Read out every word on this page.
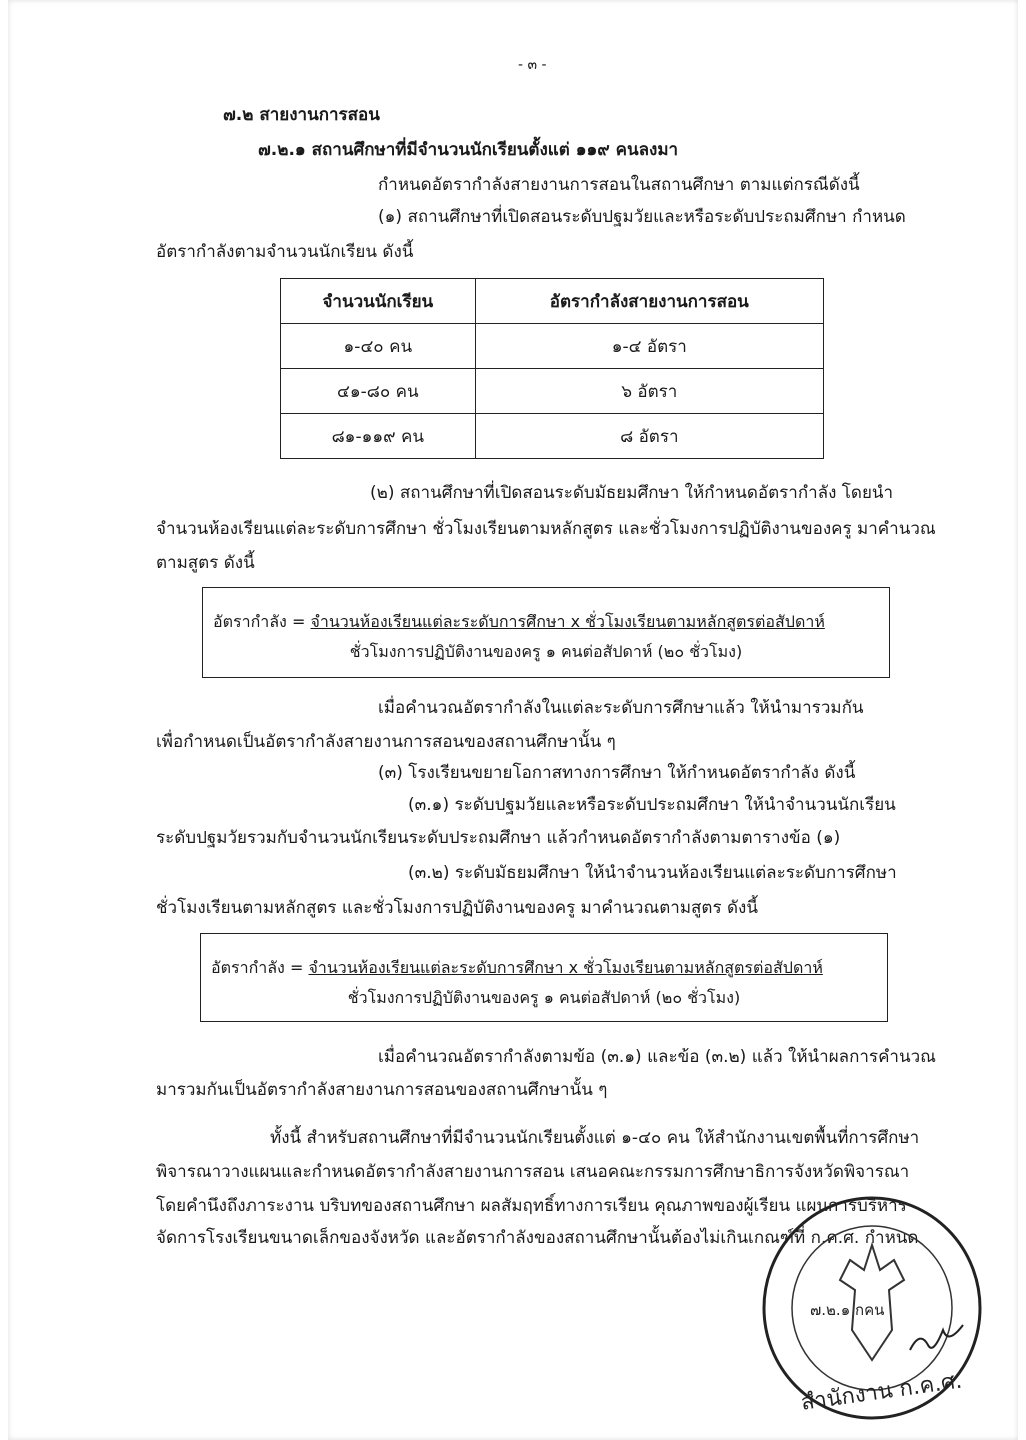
- ๓ -
๗.๒ สายงานการสอน
๗.๒.๑ สถานศึกษาที่มีจำนวนนักเรียนตั้งแต่ ๑๑๙ คนลงมา
กำหนดอัตรากำลังสายงานการสอนในสถานศึกษา ตามแต่กรณีดังนี้
(๑) สถานศึกษาที่เปิดสอนระดับปฐมวัยและหรือระดับประถมศึกษา กำหนด
อัตรากำลังตามจำนวนนักเรียน ดังนี้
จำนวนนักเรียน	อัตรากำลังสายงานการสอน
๑-๔๐ คน	๑-๔ อัตรา
๔๑-๘๐ คน	๖ อัตรา
๘๑-๑๑๙ คน	๘ อัตรา
(๒) สถานศึกษาที่เปิดสอนระดับมัธยมศึกษา ให้กำหนดอัตรากำลัง โดยนำ
จำนวนห้องเรียนแต่ละระดับการศึกษา ชั่วโมงเรียนตามหลักสูตร และชั่วโมงการปฏิบัติงานของครู มาคำนวณ
ตามสูตร ดังนี้
อัตรากำลัง = จำนวนห้องเรียนแต่ละระดับการศึกษา x ชั่วโมงเรียนตามหลักสูตรต่อสัปดาห์
ชั่วโมงการปฏิบัติงานของครู ๑ คนต่อสัปดาห์ (๒๐ ชั่วโมง)
เมื่อคำนวณอัตรากำลังในแต่ละระดับการศึกษาแล้ว ให้นำมารวมกัน
เพื่อกำหนดเป็นอัตรากำลังสายงานการสอนของสถานศึกษานั้น ๆ
(๓) โรงเรียนขยายโอกาสทางการศึกษา ให้กำหนดอัตรากำลัง ดังนี้
(๓.๑) ระดับปฐมวัยและหรือระดับประถมศึกษา ให้นำจำนวนนักเรียน
ระดับปฐมวัยรวมกับจำนวนนักเรียนระดับประถมศึกษา แล้วกำหนดอัตรากำลังตามตารางข้อ (๑)
(๓.๒) ระดับมัธยมศึกษา ให้นำจำนวนห้องเรียนแต่ละระดับการศึกษา
ชั่วโมงเรียนตามหลักสูตร และชั่วโมงการปฏิบัติงานของครู มาคำนวณตามสูตร ดังนี้
อัตรากำลัง = จำนวนห้องเรียนแต่ละระดับการศึกษา x ชั่วโมงเรียนตามหลักสูตรต่อสัปดาห์
ชั่วโมงการปฏิบัติงานของครู ๑ คนต่อสัปดาห์ (๒๐ ชั่วโมง)
เมื่อคำนวณอัตรากำลังตามข้อ (๓.๑) และข้อ (๓.๒) แล้ว ให้นำผลการคำนวณ
มารวมกันเป็นอัตรากำลังสายงานการสอนของสถานศึกษานั้น ๆ
ทั้งนี้ สำหรับสถานศึกษาที่มีจำนวนนักเรียนตั้งแต่ ๑-๔๐ คน ให้สำนักงานเขตพื้นที่การศึกษา
พิจารณาวางแผนและกำหนดอัตรากำลังสายงานการสอน เสนอคณะกรรมการศึกษาธิการจังหวัดพิจารณา
โดยคำนึงถึงภาระงาน บริบทของสถานศึกษา ผลสัมฤทธิ์ทางการเรียน คุณภาพของผู้เรียน แผนการบริหาร
จัดการโรงเรียนขนาดเล็กของจังหวัด และอัตรากำลังของสถานศึกษานั้นต้องไม่เกินเกณฑ์ที่ ก.ค.ศ. กำหนด
๗.๒.๑ กคน
สำนักงาน ก.ค.ศ.
